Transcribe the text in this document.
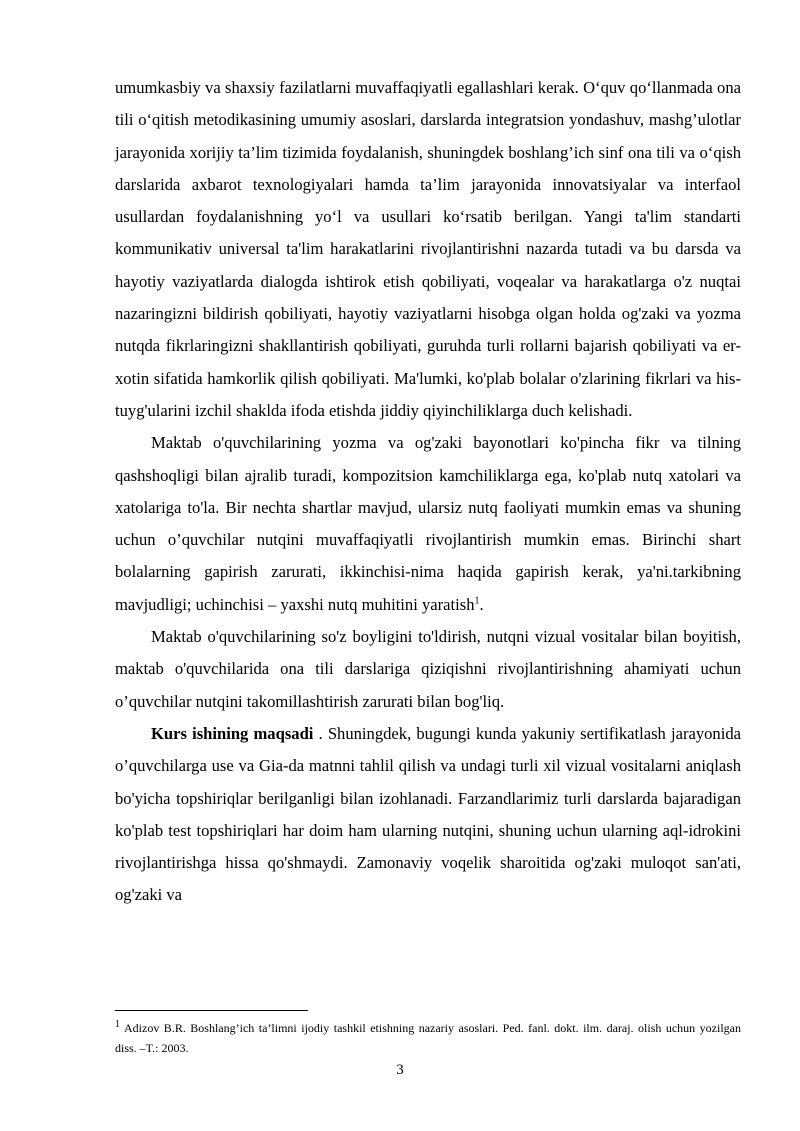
umumkasbiy va shaxsiy fazilatlarni muvaffaqiyatli egallashlari kerak. O‘quv qo‘llanmada ona tili o‘qitish metodikasining umumiy asoslari, darslarda integratsion yondashuv, mashg’ulotlar jarayonida xorijiy ta’lim tizimida foydalanish, shuningdek boshlang’ich sinf ona tili va o‘qish darslarida axbarot texnologiyalari hamda ta’lim jarayonida innovatsiyalar va interfaol usullardan foydalanishning yo‘l va usullari ko‘rsatib berilgan. Yangi ta'lim standarti kommunikativ universal ta'lim harakatlarini rivojlantirishni nazarda tutadi va bu darsda va hayotiy vaziyatlarda dialogda ishtirok etish qobiliyati, voqealar va harakatlarga o'z nuqtai nazaringizni bildirish qobiliyati, hayotiy vaziyatlarni hisobga olgan holda og'zaki va yozma nutqda fikrlaringizni shakllantirish qobiliyati, guruhda turli rollarni bajarish qobiliyati va er-xotin sifatida hamkorlik qilish qobiliyati. Ma'lumki, ko'plab bolalar o'zlarining fikrlari va his-tuyg'ularini izchil shaklda ifoda etishda jiddiy qiyinchiliklarga duch kelishadi.

Maktab o'quvchilarining yozma va og'zaki bayonotlari ko'pincha fikr va tilning qashshoqligi bilan ajralib turadi, kompozitsion kamchiliklarga ega, ko'plab nutq xatolari va xatolariga to'la. Bir nechta shartlar mavjud, ularsiz nutq faoliyati mumkin emas va shuning uchun o’quvchilar nutqini muvaffaqiyatli rivojlantirish mumkin emas. Birinchi shart bolalarning gapirish zarurati, ikkinchisi-nima haqida gapirish kerak, ya'ni.tarkibning mavjudligi; uchinchisi – yaxshi nutq muhitini yaratish$^1$.

Maktab o'quvchilarining so'z boyligini to'ldirish, nutqni vizual vositalar bilan boyitish, maktab o'quvchilarida ona tili darslariga qiziqishni rivojlantirishning ahamiyati uchun o’quvchilar nutqini takomillashtirish zarurati bilan bog'liq.

Kurs ishining maqsadi . Shuningdek, bugungi kunda yakuniy sertifikatlash jarayonida o’quvchilarga use va Gia-da matnni tahlil qilish va undagi turli xil vizual vositalarni aniqlash bo'yicha topshiriqlar berilganligi bilan izohlanadi. Farzandlarimiz turli darslarda bajaradigan ko'plab test topshiriqlari har doim ham ularning nutqini, shuning uchun ularning aql-idrokini rivojlantirishga hissa qo'shmaydi. Zamonaviy voqelik sharoitida og'zaki muloqot san'ati, og'zaki va

$^1$ Adizov B.R. Boshlang’ich ta’limni ijodiy tashkil etishning nazariy asoslari. Ped. fanl. dokt. ilm. daraj. olish uchun yozilgan diss. –T.: 2003.
3
